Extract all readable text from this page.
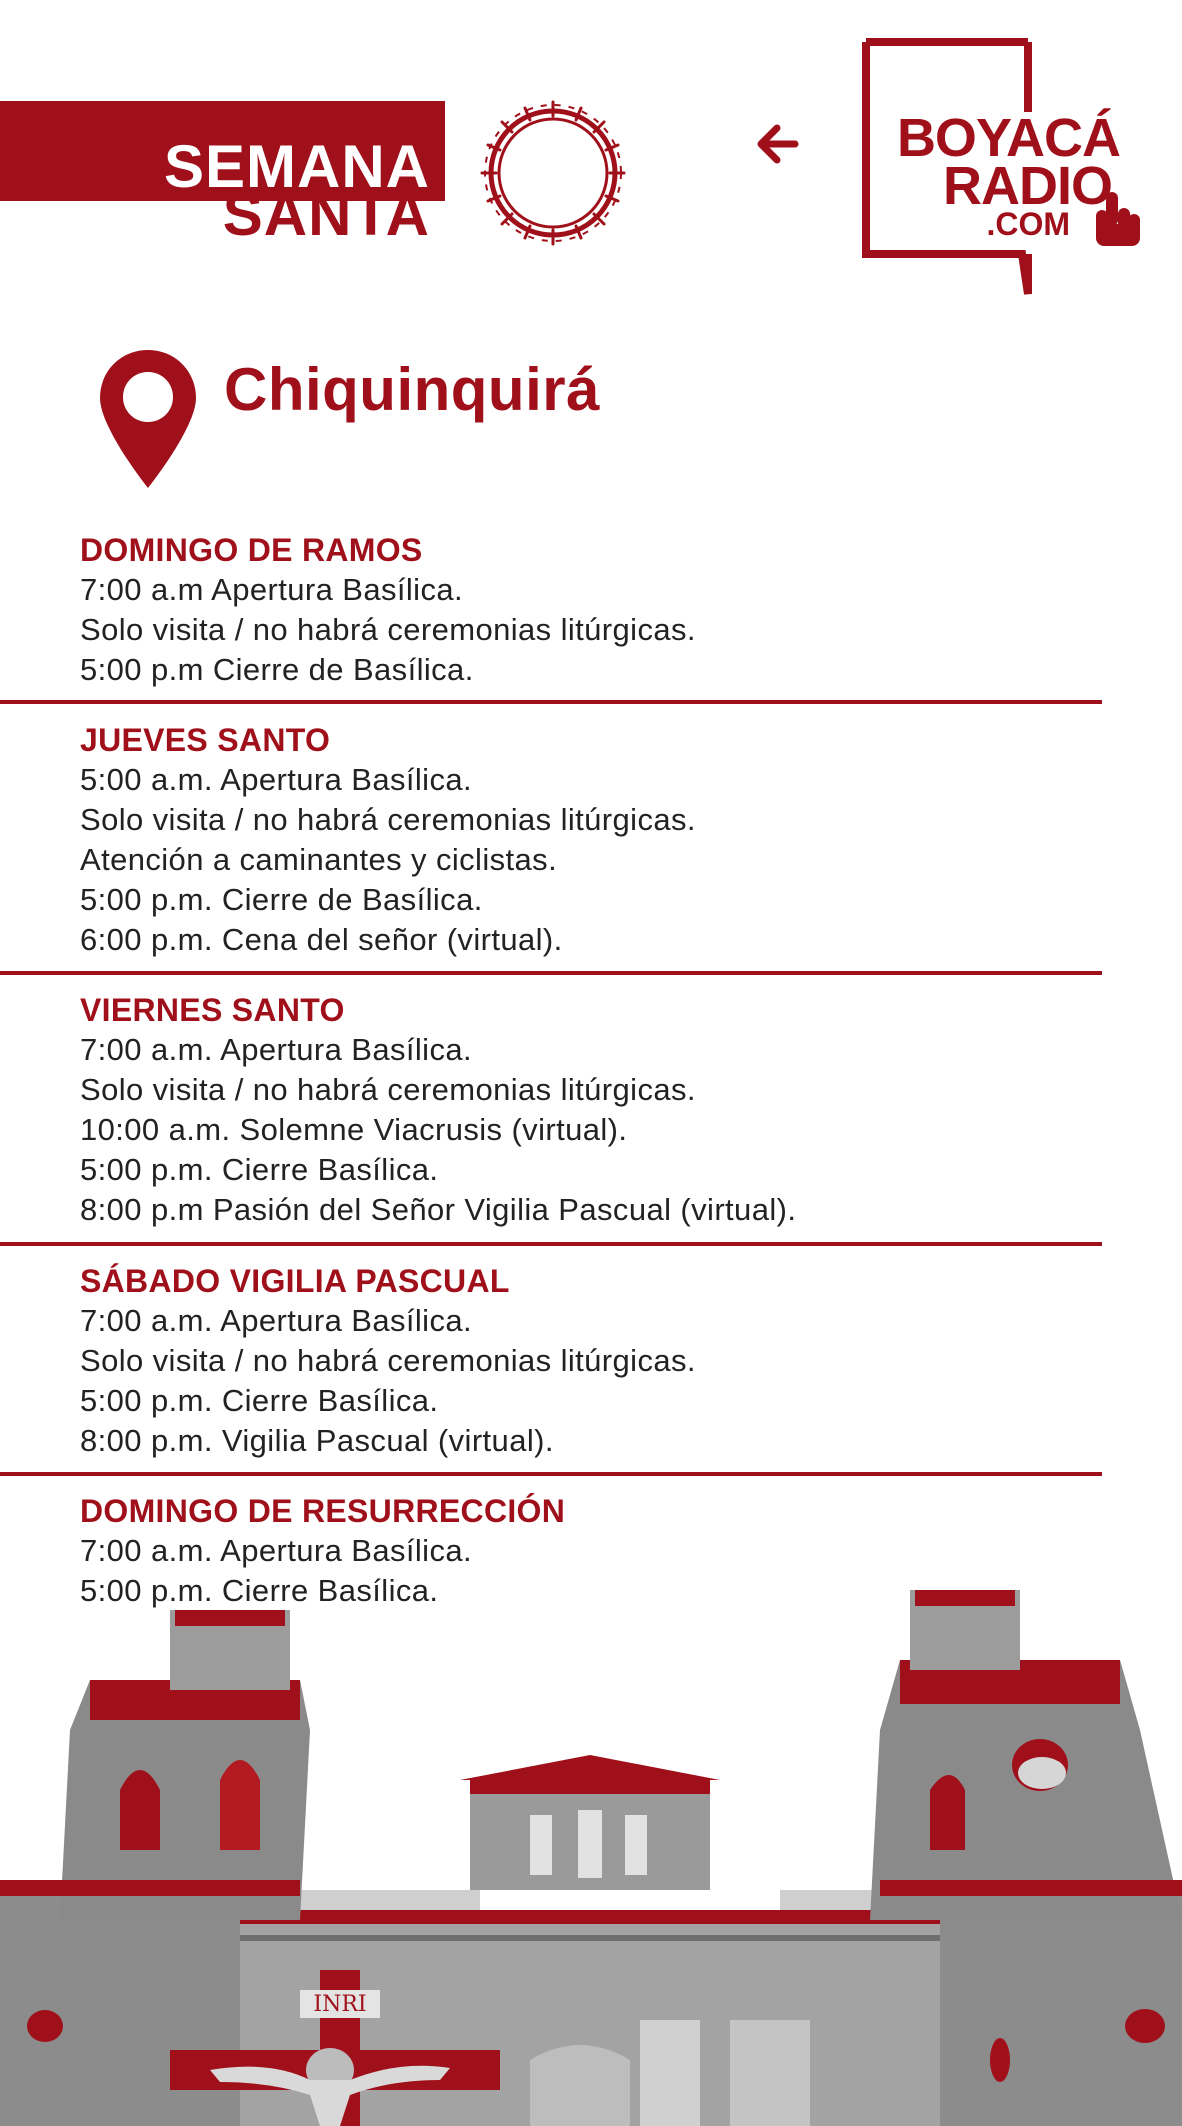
SEMANA
SANTA
BOYACÁ
RADIO
.COM
Chiquinquirá
DOMINGO DE RAMOS
7:00 a.m Apertura Basílica.
Solo visita / no habrá ceremonias litúrgicas.
5:00 p.m Cierre de Basílica.
JUEVES SANTO
5:00 a.m. Apertura Basílica.
Solo visita / no habrá ceremonias litúrgicas.
Atención a caminantes y ciclistas.
5:00 p.m. Cierre de Basílica.
6:00 p.m. Cena del señor (virtual).
VIERNES SANTO
7:00 a.m. Apertura Basílica.
Solo visita / no habrá ceremonias litúrgicas.
10:00 a.m. Solemne Viacrusis (virtual).
5:00 p.m. Cierre Basílica.
8:00 p.m Pasión del Señor Vigilia Pascual (virtual).
SÁBADO VIGILIA PASCUAL
7:00 a.m. Apertura Basílica.
Solo visita / no habrá ceremonias litúrgicas.
5:00 p.m. Cierre Basílica.
8:00 p.m. Vigilia Pascual (virtual).
DOMINGO DE RESURRECCIÓN
7:00 a.m. Apertura Basílica.
5:00 p.m. Cierre Basílica.
INRI
